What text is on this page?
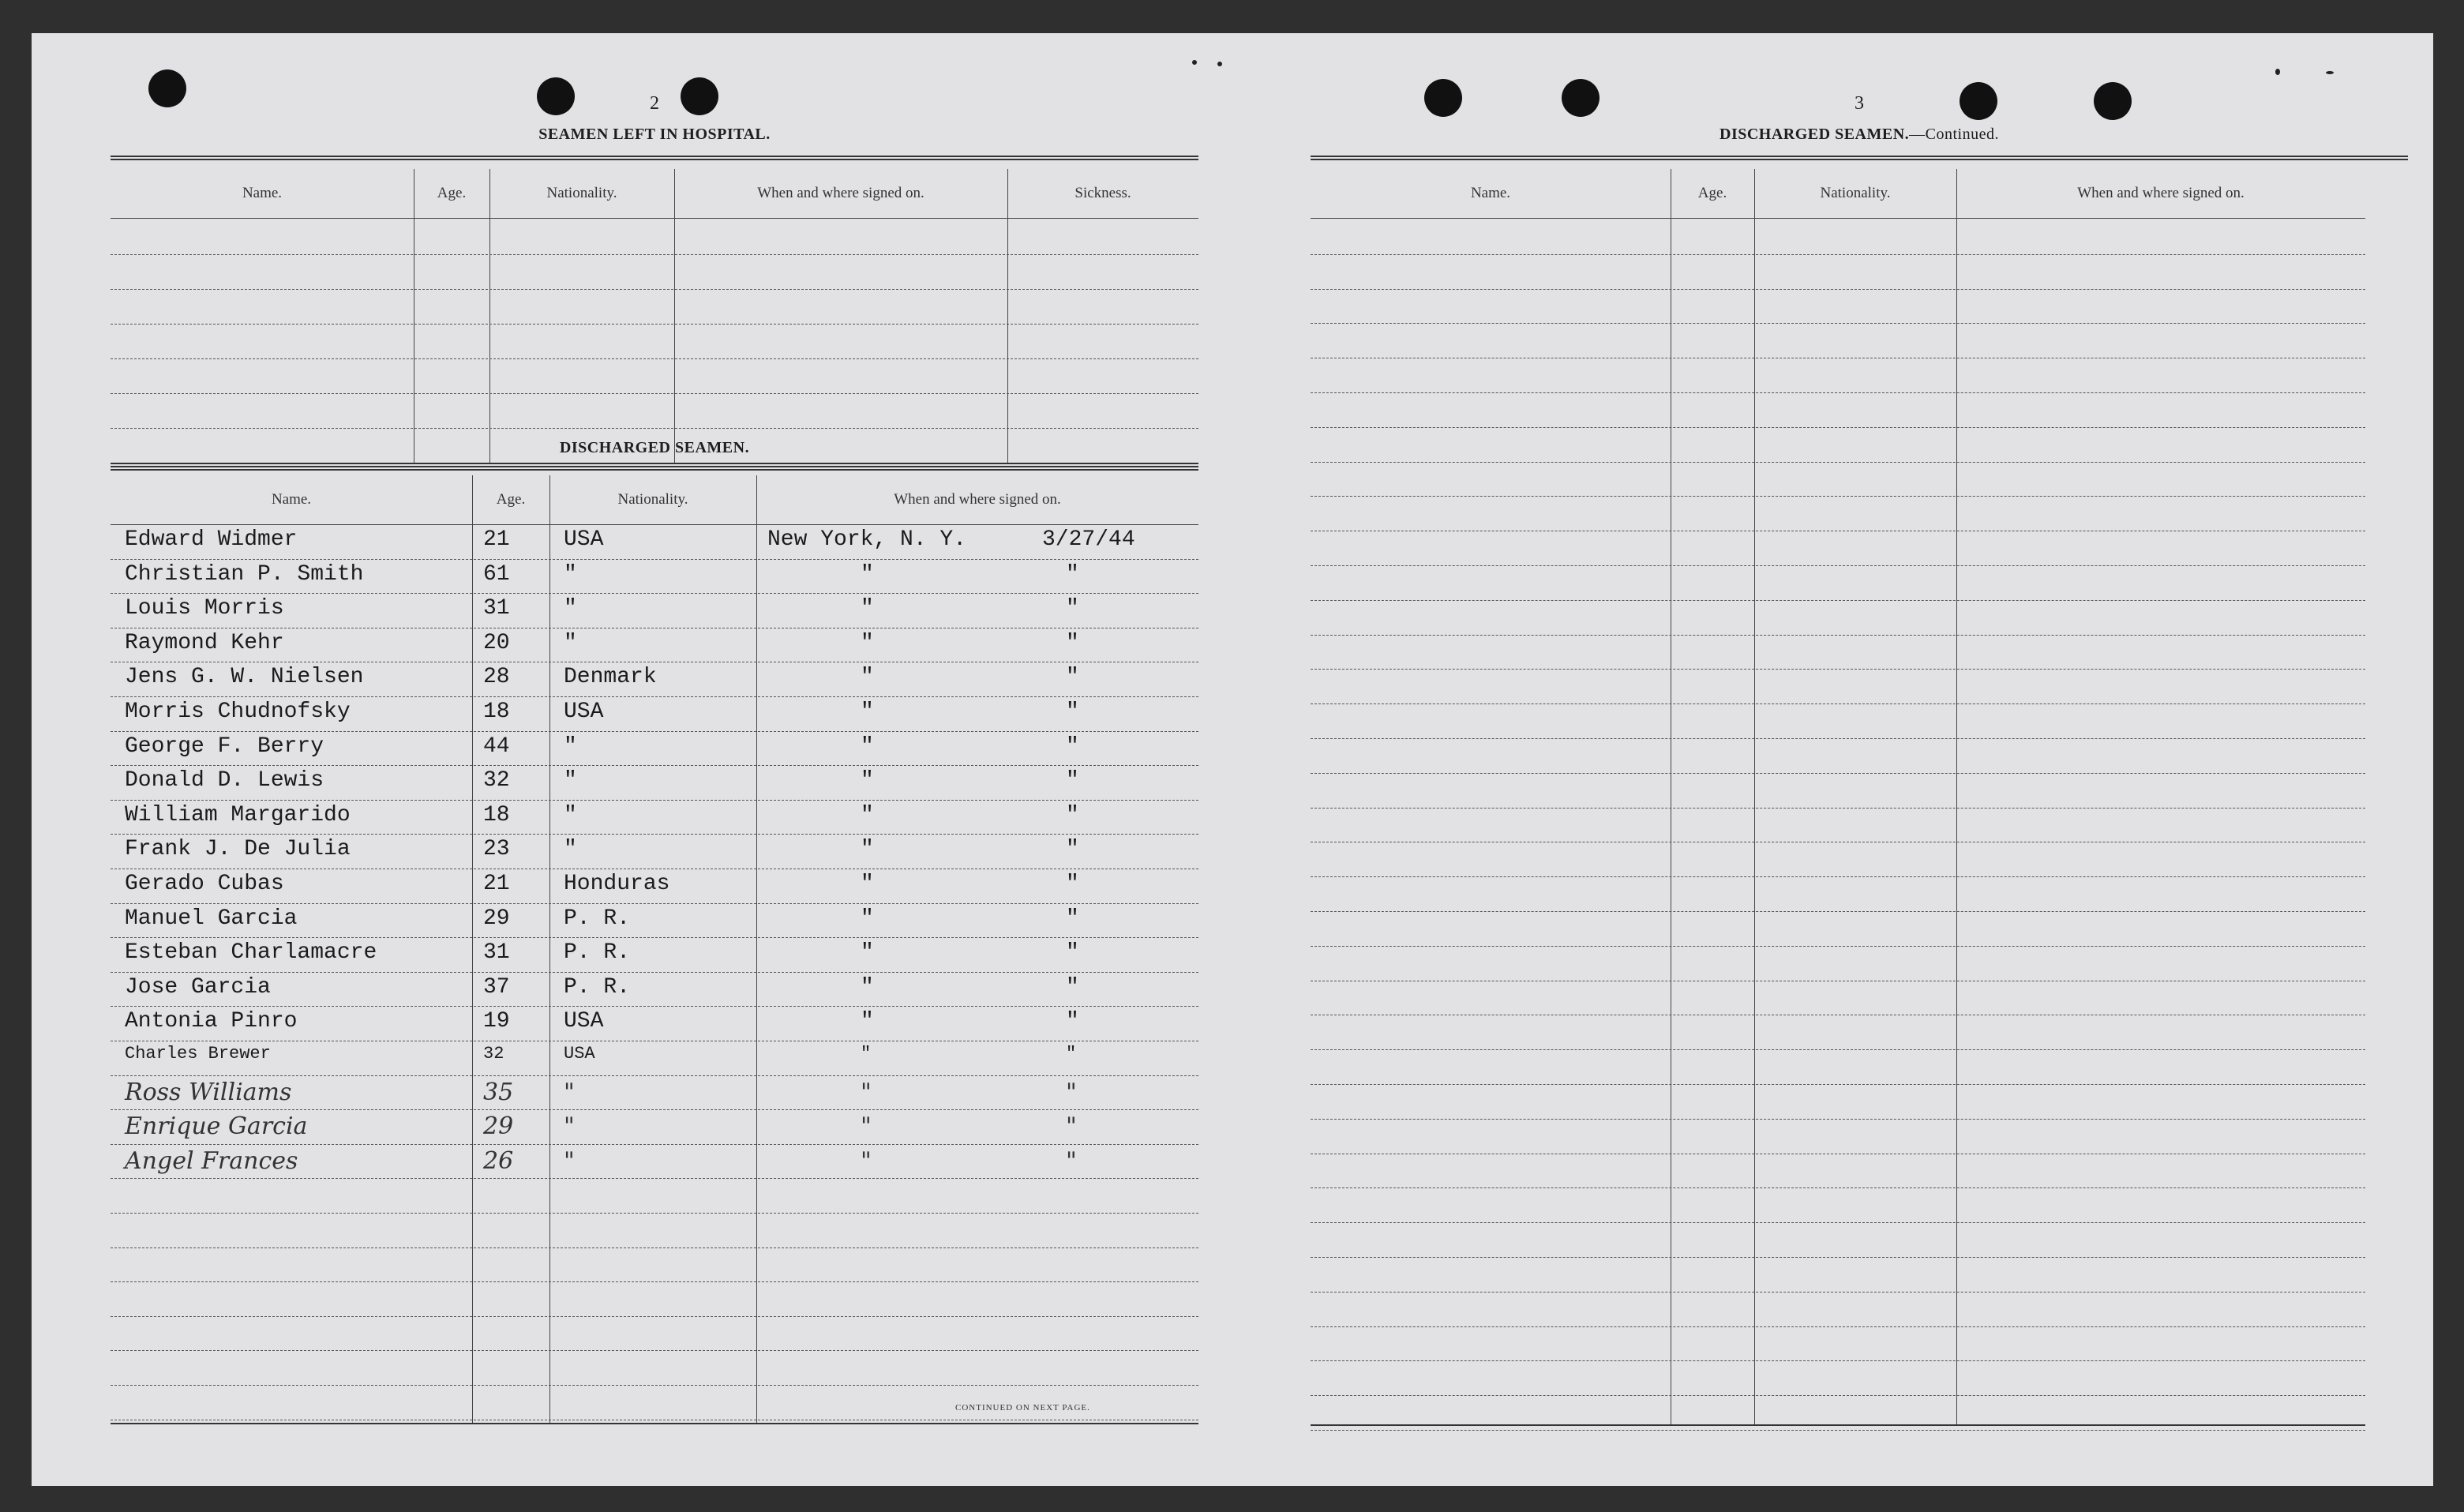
2
SEAMEN LEFT IN HOSPITAL.
Name.	Age.	Nationality.	When and where signed on.	Sickness.
DISCHARGED SEAMEN.
Name.	Age.	Nationality.	When and where signed on.
Edward Widmer	21 USA	New York, N. Y.	3/27/44
Christian P. Smith	61 "	"	"
Louis Morris	31 "	"	"
Raymond Kehr	20 "	"	"
Jens G. W. Nielsen	28 Denmark	"	"
Morris Chudnofsky	18 USA	"	"
George F. Berry	44 "	"	"
Donald D. Lewis	32 "	"	"
William Margarido	18 "	"	"
Frank J. De Julia	23 "	"	"
Gerado Cubas	21 Honduras	"	"
Manuel Garcia	29 P. R.	"	"
Esteban Charlamacre	31 P. R.	"	"
Jose Garcia	37 P. R.	"	"
Antonia Pinro	19 USA	"	"
Charles Brewer	32	USA	"	"
Ross Williams	35 "	"	"
Enrique Garcia	29 "	"	"
Angel Frances	26 "	"	"
CONTINUED ON NEXT PAGE.
3
DISCHARGED SEAMEN.—Continued.
Name.	Age.	Nationality.	When and where signed on.
